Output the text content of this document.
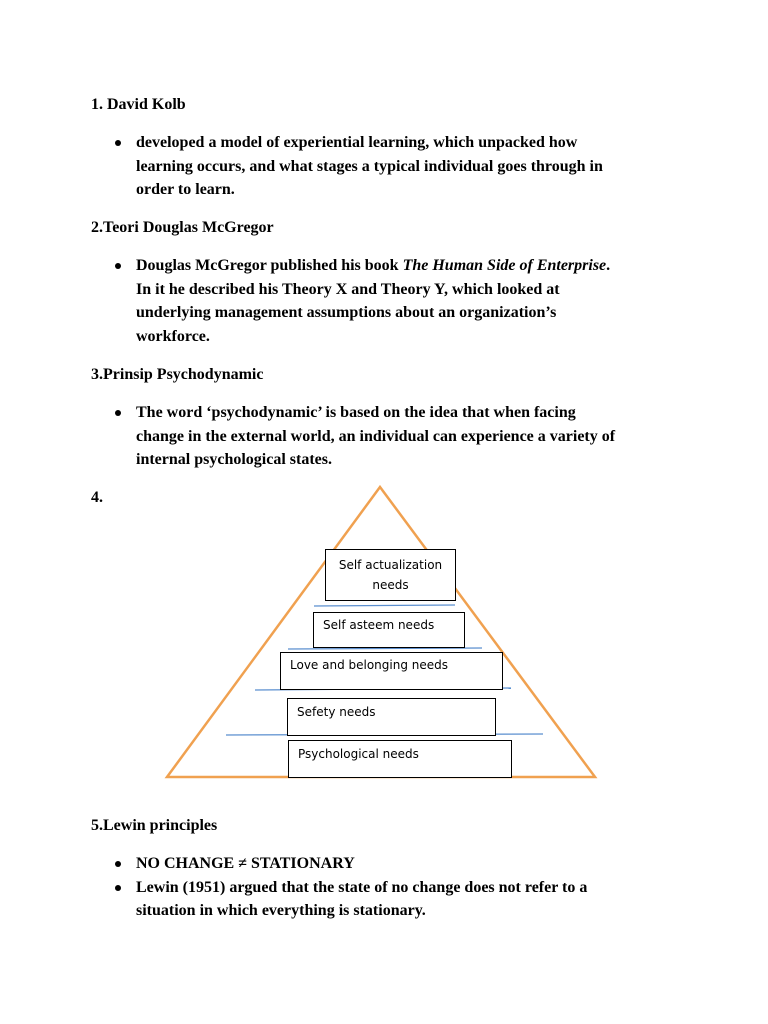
1. David Kolb
developed a model of experiential learning, which unpacked how
learning occurs, and what stages a typical individual goes through in
order to learn.
2.Teori Douglas McGregor
Douglas McGregor published his book The Human Side of Enterprise.
In it he described his Theory X and Theory Y, which looked at
underlying management assumptions about an organization’s
workforce.
3.Prinsip Psychodynamic
The word ‘psychodynamic’ is based on the idea that when facing
change in the external world, an individual can experience a variety of
internal psychological states.
4.
Self actualization
needs
Self asteem needs
Love and belonging needs
Sefety needs
Psychological needs
5.Lewin principles
NO CHANGE ≠ STATIONARY
Lewin (1951) argued that the state of no change does not refer to a
situation in which everything is stationary.
